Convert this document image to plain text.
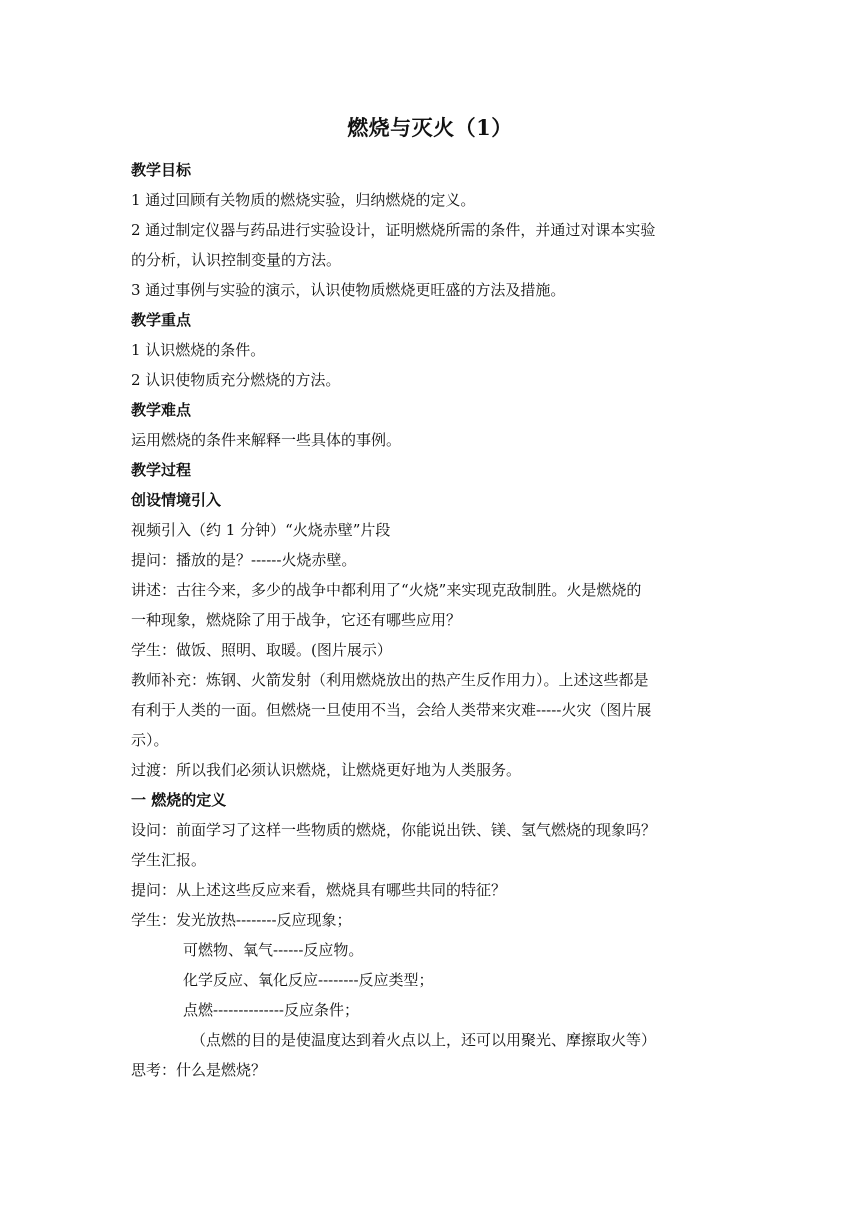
燃烧与灭火（1）
教学目标
1 通过回顾有关物质的燃烧实验，归纳燃烧的定义。
2 通过制定仪器与药品进行实验设计，证明燃烧所需的条件，并通过对课本实验
的分析，认识控制变量的方法。
3 通过事例与实验的演示，认识使物质燃烧更旺盛的方法及措施。
教学重点
1 认识燃烧的条件。
2 认识使物质充分燃烧的方法。
教学难点
运用燃烧的条件来解释一些具体的事例。
教学过程
创设情境引入
视频引入（约 1 分钟）“火烧赤壁”片段
提问：播放的是？------火烧赤壁。
讲述：古往今来，多少的战争中都利用了“火烧”来实现克敌制胜。火是燃烧的
一种现象，燃烧除了用于战争，它还有哪些应用？
学生：做饭、照明、取暖。(图片展示）
教师补充：炼钢、火箭发射（利用燃烧放出的热产生反作用力）。上述这些都是
有利于人类的一面。但燃烧一旦使用不当，会给人类带来灾难-----火灾（图片展
示）。
过渡：所以我们必须认识燃烧，让燃烧更好地为人类服务。
一 燃烧的定义
设问：前面学习了这样一些物质的燃烧，你能说出铁、镁、氢气燃烧的现象吗？
学生汇报。
提问：从上述这些反应来看，燃烧具有哪些共同的特征？
学生：发光放热--------反应现象；
可燃物、氧气------反应物。
化学反应、氧化反应--------反应类型；
点燃--------------反应条件；
（点燃的目的是使温度达到着火点以上，还可以用聚光、摩擦取火等）
思考：什么是燃烧？
